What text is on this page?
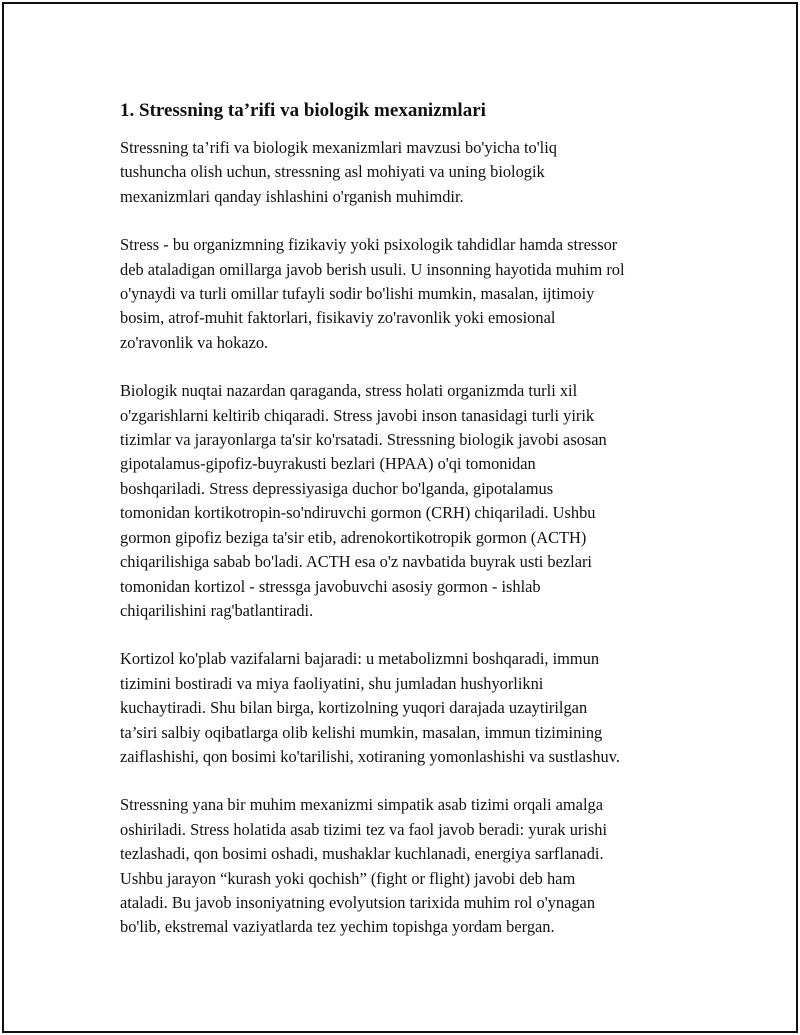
1. Stressning ta’rifi va biologik mexanizmlari

Stressning ta’rifi va biologik mexanizmlari mavzusi bo'yicha to'liq
tushuncha olish uchun, stressning asl mohiyati va uning biologik
mexanizmlari qanday ishlashini o'rganish muhimdir.

Stress - bu organizmning fizikaviy yoki psixologik tahdidlar hamda stressor
deb ataladigan omillarga javob berish usuli. U insonning hayotida muhim rol
o'ynaydi va turli omillar tufayli sodir bo'lishi mumkin, masalan, ijtimoiy
bosim, atrof-muhit faktorlari, fisikaviy zo'ravonlik yoki emosional
zo'ravonlik va hokazo.

Biologik nuqtai nazardan qaraganda, stress holati organizmda turli xil
o'zgarishlarni keltirib chiqaradi. Stress javobi inson tanasidagi turli yirik
tizimlar va jarayonlarga ta'sir ko'rsatadi. Stressning biologik javobi asosan
gipotalamus-gipofiz-buyrakusti bezlari (HPAA) o'qi tomonidan
boshqariladi. Stress depressiyasiga duchor bo'lganda, gipotalamus
tomonidan kortikotropin-so'ndiruvchi gormon (CRH) chiqariladi. Ushbu
gormon gipofiz beziga ta'sir etib, adrenokortikotropik gormon (ACTH)
chiqarilishiga sabab bo'ladi. ACTH esa o'z navbatida buyrak usti bezlari
tomonidan kortizol - stressga javobuvchi asosiy gormon - ishlab
chiqarilishini rag'batlantiradi.

Kortizol ko'plab vazifalarni bajaradi: u metabolizmni boshqaradi, immun
tizimini bostiradi va miya faoliyatini, shu jumladan hushyorlikni
kuchaytiradi. Shu bilan birga, kortizolning yuqori darajada uzaytirilgan
ta’siri salbiy oqibatlarga olib kelishi mumkin, masalan, immun tizimining
zaiflashishi, qon bosimi ko'tarilishi, xotiraning yomonlashishi va sustlashuv.

Stressning yana bir muhim mexanizmi simpatik asab tizimi orqali amalga
oshiriladi. Stress holatida asab tizimi tez va faol javob beradi: yurak urishi
tezlashadi, qon bosimi oshadi, mushaklar kuchlanadi, energiya sarflanadi.
Ushbu jarayon “kurash yoki qochish” (fight or flight) javobi deb ham
ataladi. Bu javob insoniyatning evolyutsion tarixida muhim rol o'ynagan
bo'lib, ekstremal vaziyatlarda tez yechim topishga yordam bergan.
